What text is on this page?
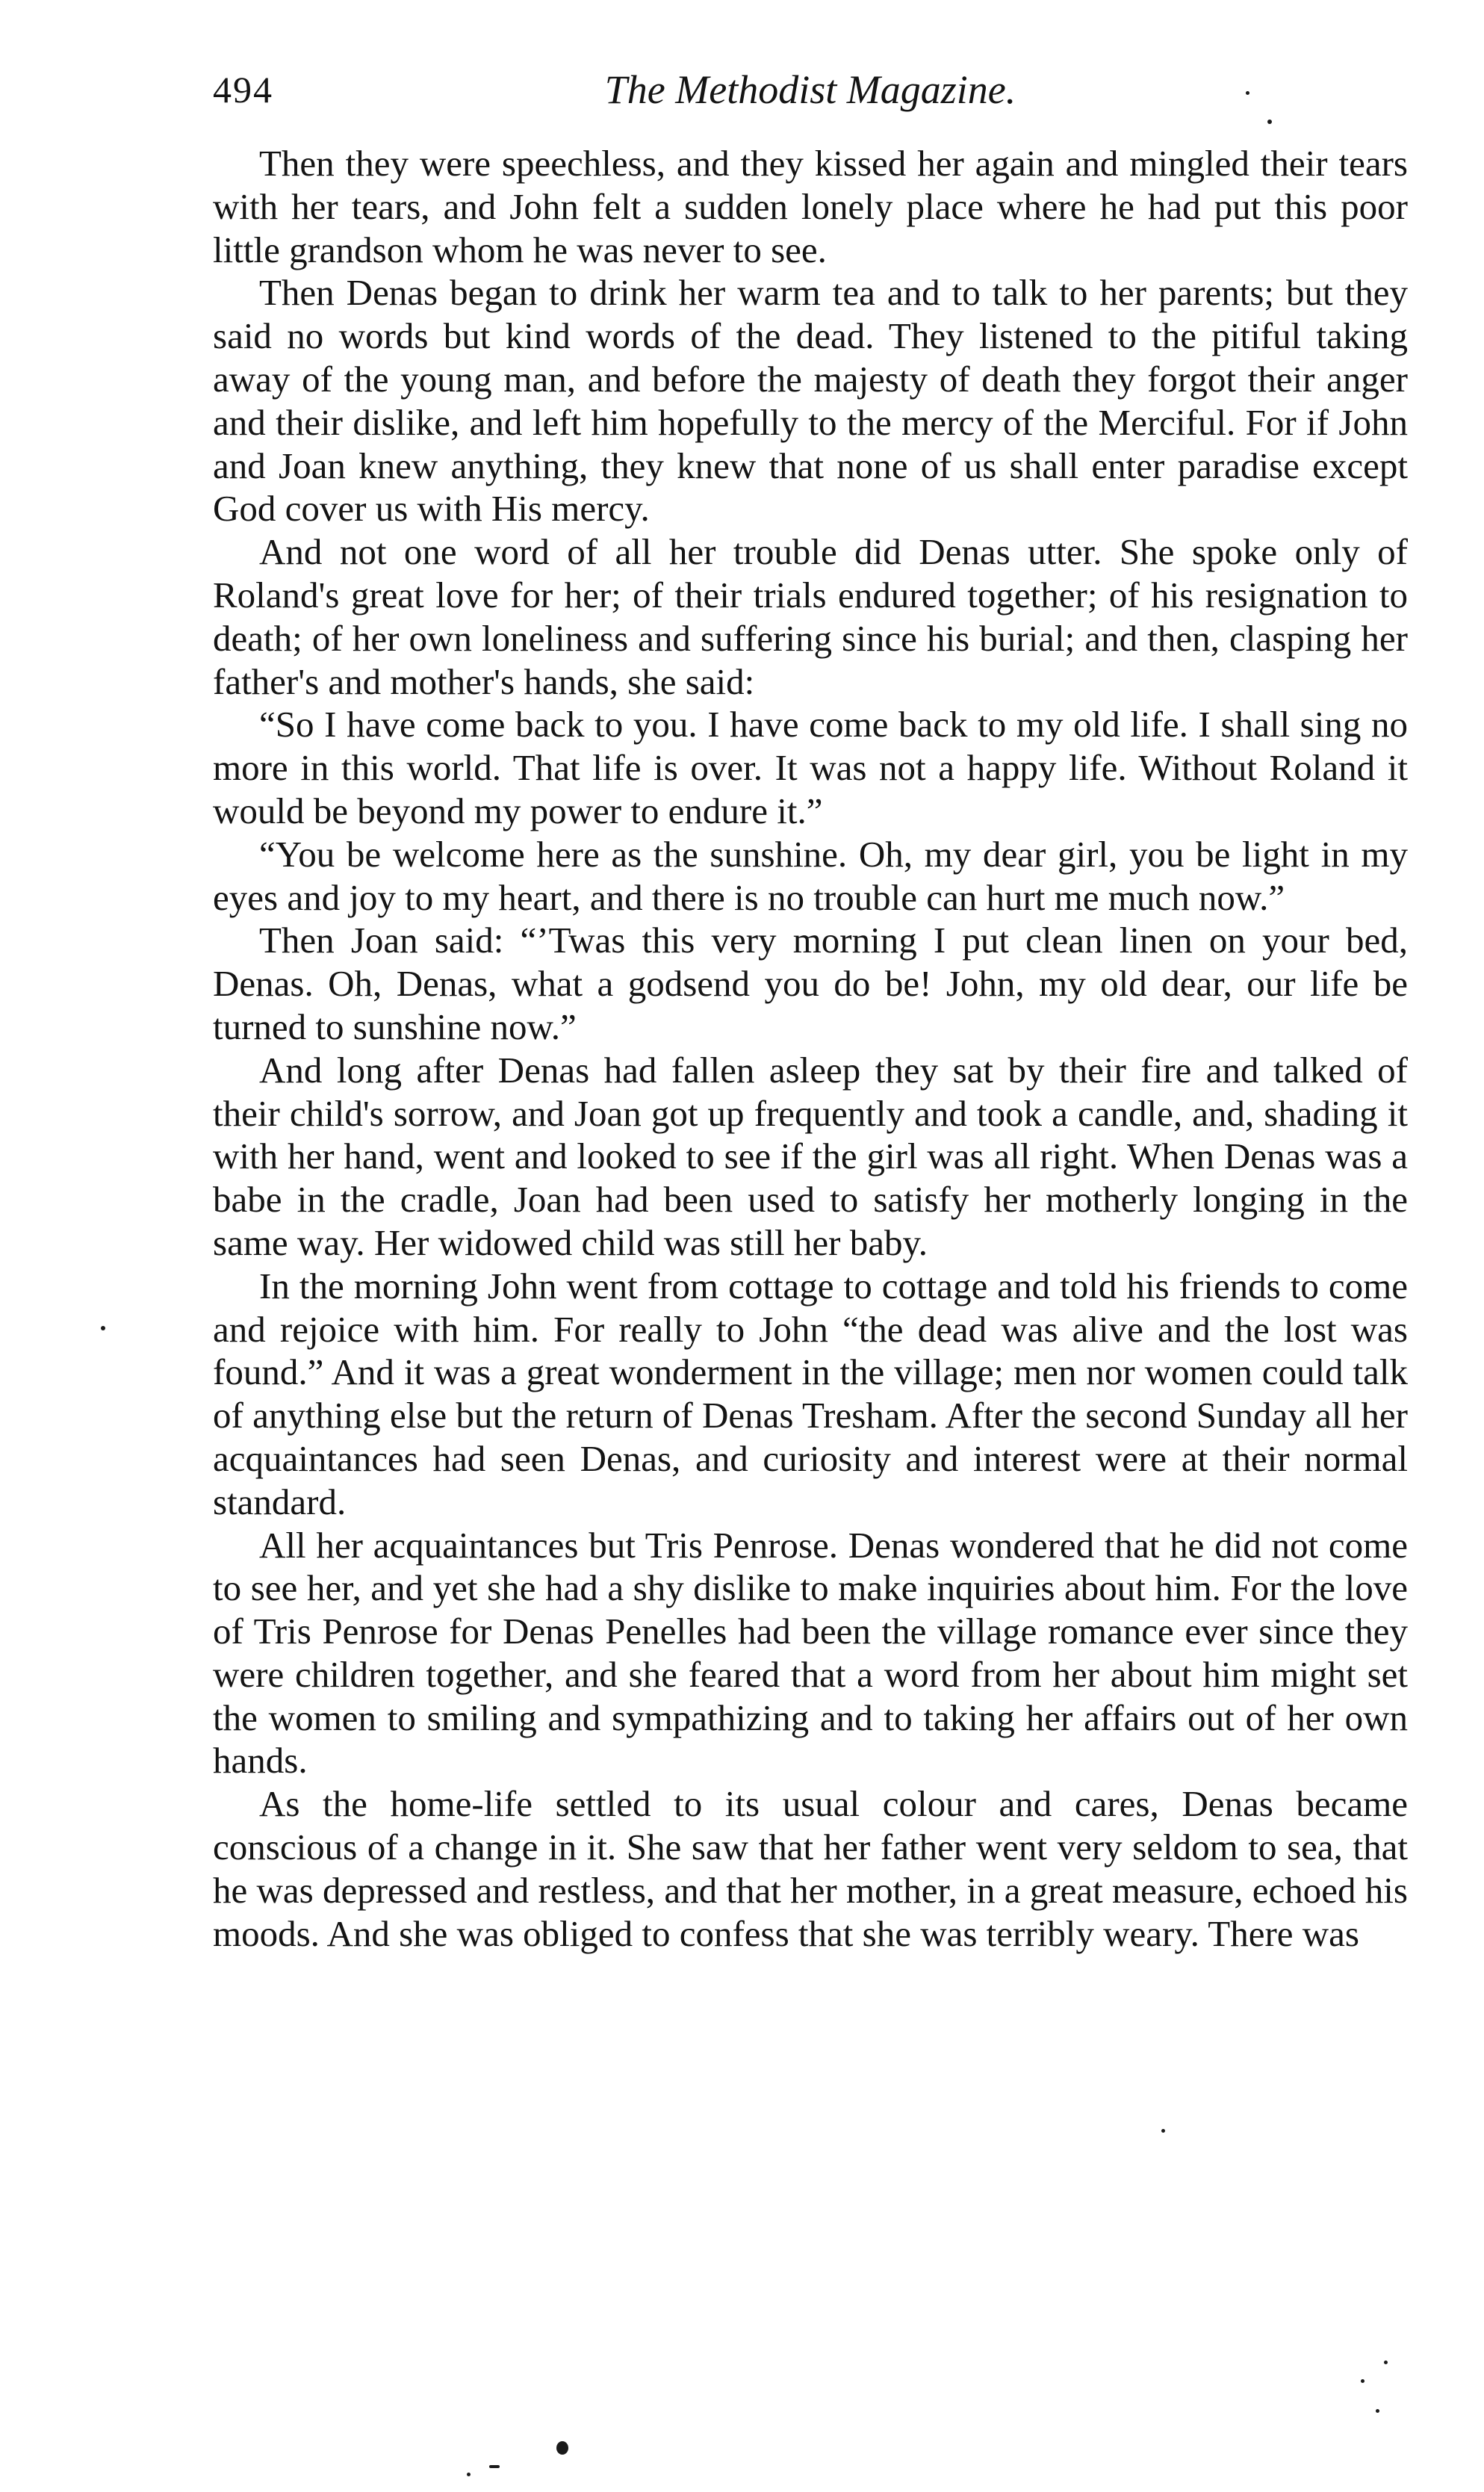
494	The Methodist Magazine.

Then they were speechless, and they kissed her again and mingled their tears with her tears, and John felt a sudden lonely place where he had put this poor little grandson whom he was never to see.

Then Denas began to drink her warm tea and to talk to her parents; but they said no words but kind words of the dead. They listened to the pitiful taking away of the young man, and before the majesty of death they forgot their anger and their dislike, and left him hopefully to the mercy of the Merciful. For if John and Joan knew anything, they knew that none of us shall enter paradise except God cover us with His mercy.

And not one word of all her trouble did Denas utter. She spoke only of Roland's great love for her; of their trials endured together; of his resignation to death; of her own loneliness and suffering since his burial; and then, clasping her father's and mother's hands, she said:

“So I have come back to you. I have come back to my old life. I shall sing no more in this world. That life is over. It was not a happy life. Without Roland it would be beyond my power to endure it.”

“You be welcome here as the sunshine. Oh, my dear girl, you be light in my eyes and joy to my heart, and there is no trouble can hurt me much now.”

Then Joan said: “’Twas this very morning I put clean linen on your bed, Denas. Oh, Denas, what a godsend you do be! John, my old dear, our life be turned to sunshine now.”

And long after Denas had fallen asleep they sat by their fire and talked of their child's sorrow, and Joan got up frequently and took a candle, and, shading it with her hand, went and looked to see if the girl was all right. When Denas was a babe in the cradle, Joan had been used to satisfy her motherly longing in the same way. Her widowed child was still her baby.

In the morning John went from cottage to cottage and told his friends to come and rejoice with him. For really to John “the dead was alive and the lost was found.” And it was a great wonderment in the village; men nor women could talk of anything else but the return of Denas Tresham. After the second Sunday all her acquaintances had seen Denas, and curiosity and interest were at their normal standard.

All her acquaintances but Tris Penrose. Denas wondered that he did not come to see her, and yet she had a shy dislike to make inquiries about him. For the love of Tris Penrose for Denas Penelles had been the village romance ever since they were children together, and she feared that a word from her about him might set the women to smiling and sympathizing and to taking her affairs out of her own hands.

As the home-life settled to its usual colour and cares, Denas became conscious of a change in it. She saw that her father went very seldom to sea, that he was depressed and restless, and that her mother, in a great measure, echoed his moods. And she was obliged to confess that she was terribly weary. There was
